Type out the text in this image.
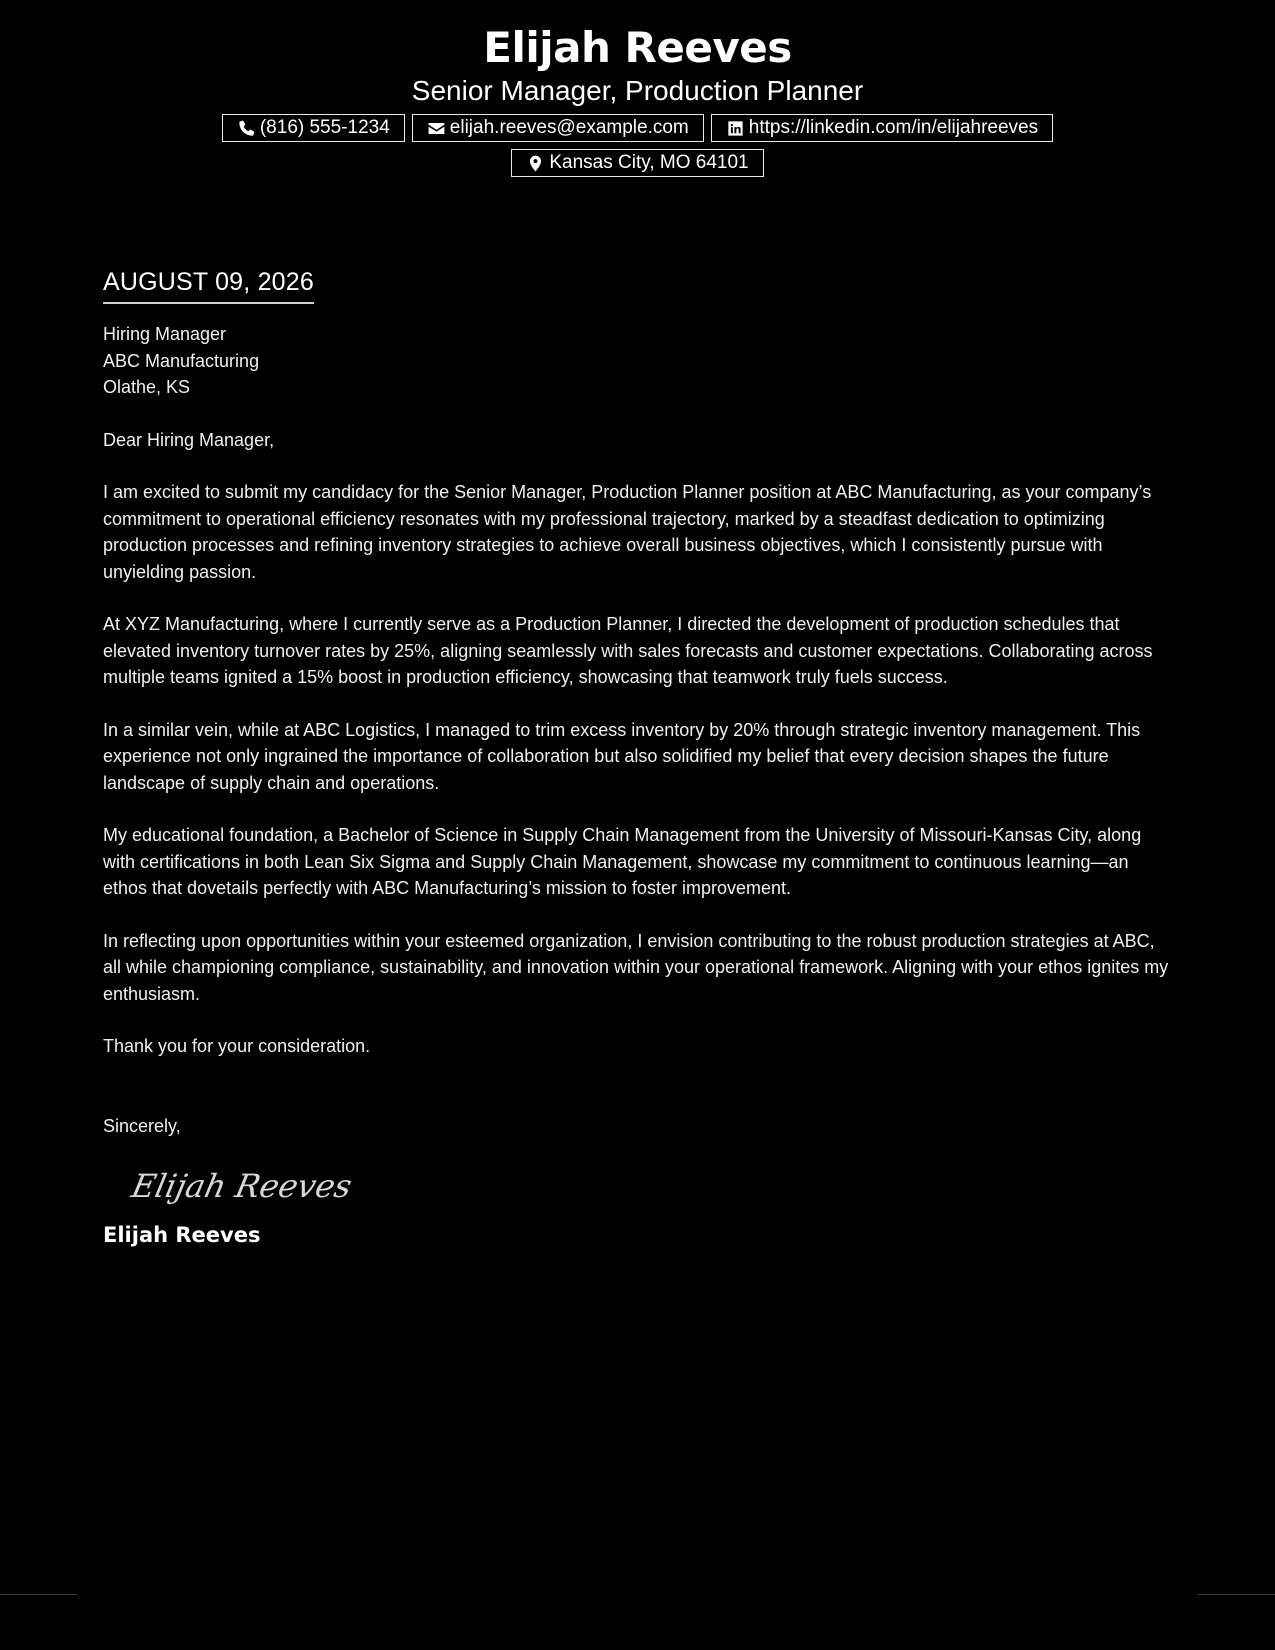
Elijah Reeves
Senior Manager, Production Planner
(816) 555-1234	elijah.reeves@example.com	https://linkedin.com/in/elijahreeves
Kansas City, MO 64101
AUGUST 09, 2026
Hiring Manager
ABC Manufacturing
Olathe, KS
Dear Hiring Manager,

I am excited to submit my candidacy for the Senior Manager, Production Planner position at ABC Manufacturing, as your company’s commitment to operational efficiency resonates with my professional trajectory, marked by a steadfast dedication to optimizing production processes and refining inventory strategies to achieve overall business objectives, which I consistently pursue with unyielding passion.

At XYZ Manufacturing, where I currently serve as a Production Planner, I directed the development of production schedules that elevated inventory turnover rates by 25%, aligning seamlessly with sales forecasts and customer expectations. Collaborating across multiple teams ignited a 15% boost in production efficiency, showcasing that teamwork truly fuels success.

In a similar vein, while at ABC Logistics, I managed to trim excess inventory by 20% through strategic inventory management. This experience not only ingrained the importance of collaboration but also solidified my belief that every decision shapes the future landscape of supply chain and operations.

My educational foundation, a Bachelor of Science in Supply Chain Management from the University of Missouri-Kansas City, along with certifications in both Lean Six Sigma and Supply Chain Management, showcase my commitment to continuous learning—an ethos that dovetails perfectly with ABC Manufacturing’s mission to foster improvement.

In reflecting upon opportunities within your esteemed organization, I envision contributing to the robust production strategies at ABC, all while championing compliance, sustainability, and innovation within your operational framework. Aligning with your ethos ignites my enthusiasm.

Thank you for your consideration.

Sincerely,
Elijah Reeves
Elijah Reeves
